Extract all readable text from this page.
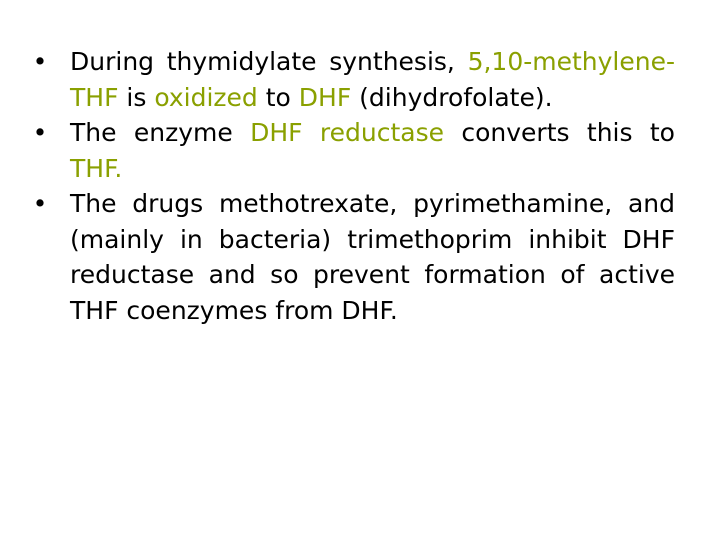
• During thymidylate synthesis, 5,10-methylene-THF is oxidized to DHF (dihydrofolate).
• The enzyme DHF reductase converts this to THF.
• The drugs methotrexate, pyrimethamine, and (mainly in bacteria) trimethoprim inhibit DHF reductase and so prevent formation of active THF coenzymes from DHF.
